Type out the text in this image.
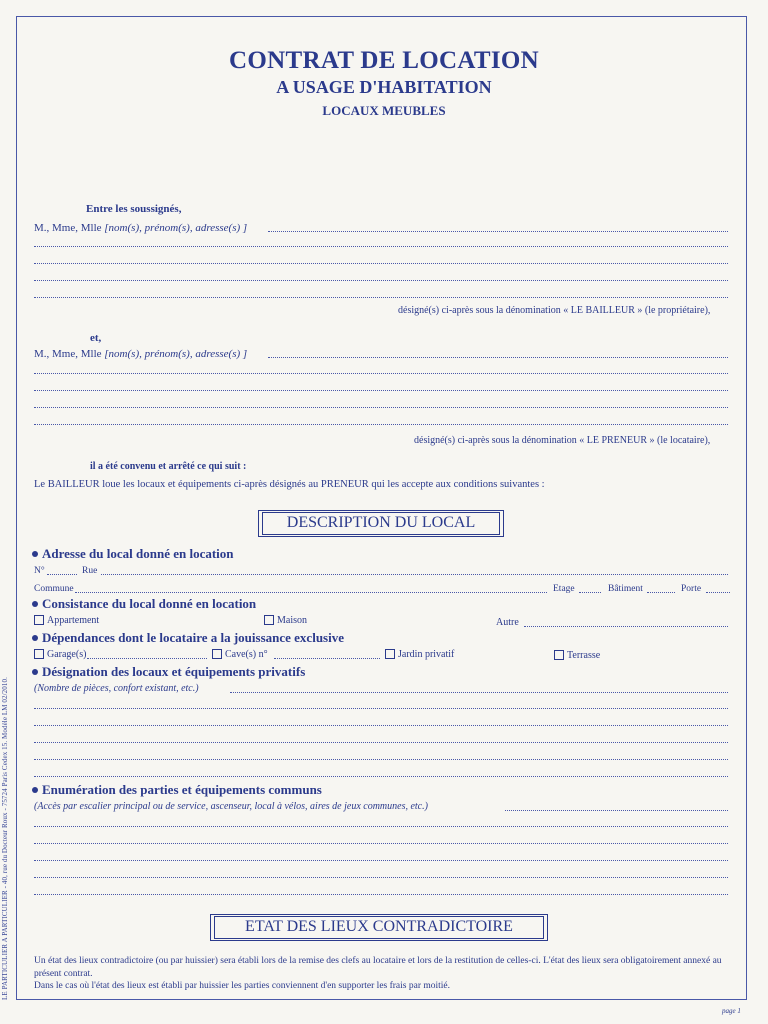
LE PARTICULIER A PARTICULIER - 40, rue du Docteur Roux - 75724 Paris Cedex 15. Modèle LM 02/2010.
CONTRAT DE LOCATION
A USAGE D'HABITATION
LOCAUX MEUBLES
Entre les soussignés,
M., Mme, Mlle [nom(s), prénom(s), adresse(s) ]
désigné(s) ci-après sous la dénomination « LE BAILLEUR » (le propriétaire),
et,
M., Mme, Mlle [nom(s), prénom(s), adresse(s) ]
désigné(s) ci-après sous la dénomination « LE PRENEUR » (le locataire),
il a été convenu et arrêté ce qui suit :
Le BAILLEUR loue les locaux et équipements ci-après désignés au PRENEUR qui les accepte aux conditions suivantes :
DESCRIPTION DU LOCAL
Adresse du local donné en location
N°	Rue
Commune	Etage	Bâtiment	Porte
Consistance du local donné en location
Appartement	Maison	Autre
Dépendances dont le locataire a la jouissance exclusive
Garage(s)	Cave(s) n°	Jardin privatif	Terrasse
Désignation des locaux et équipements privatifs
(Nombre de pièces, confort existant, etc.)
Enumération des parties et équipements communs
(Accès par escalier principal ou de service, ascenseur, local à vélos, aires de jeux communes, etc.)
ETAT DES LIEUX CONTRADICTOIRE
Un état des lieux contradictoire (ou par huissier) sera établi lors de la remise des clefs au locataire et lors de la restitution de celles-ci. L'état des lieux sera obligatoirement annexé au présent contrat.
Dans le cas où l'état des lieux est établi par huissier les parties conviennent d'en supporter les frais par moitié.
page 1
